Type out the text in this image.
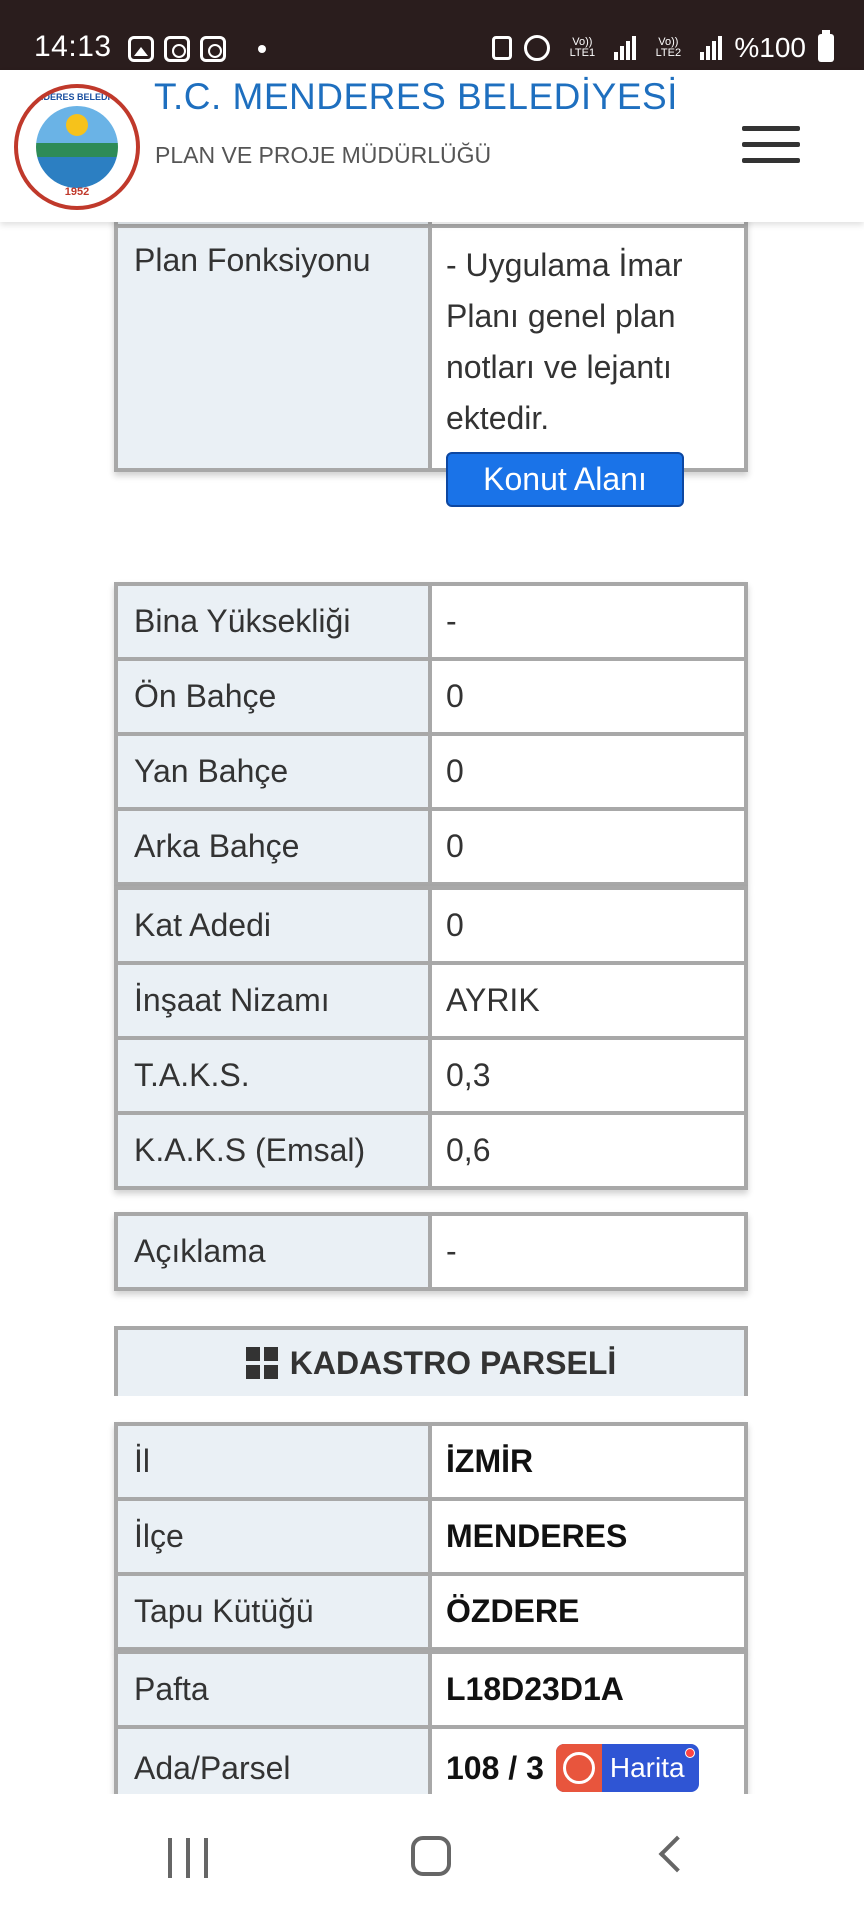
14:13	Vo)) LTE1
Vo)) LTE2 %100
MENDERES BELEDİYESİ
1952
T.C. MENDERES BELEDİYESİ
PLAN VE PROJE MÜDÜRLÜĞÜ
Plan Fonksiyonu	- Uygulama İmar
Planı genel plan
notları ve lejantı
ektedir.
Konut Alanı
Bina Yüksekliği	-
Ön Bahçe	0
Yan Bahçe	0
Arka Bahçe	0
Kat Adedi	0
İnşaat Nizamı	AYRIK
T.A.K.S.	0,3
K.A.K.S (Emsal)	0,6
Açıklama	-
KADASTRO PARSELİ
İl	İZMİR
İlçe	MENDERES
Tapu Kütüğü	ÖZDERE
Pafta	L18D23D1A
Ada/Parsel	108 / 3 Harita
